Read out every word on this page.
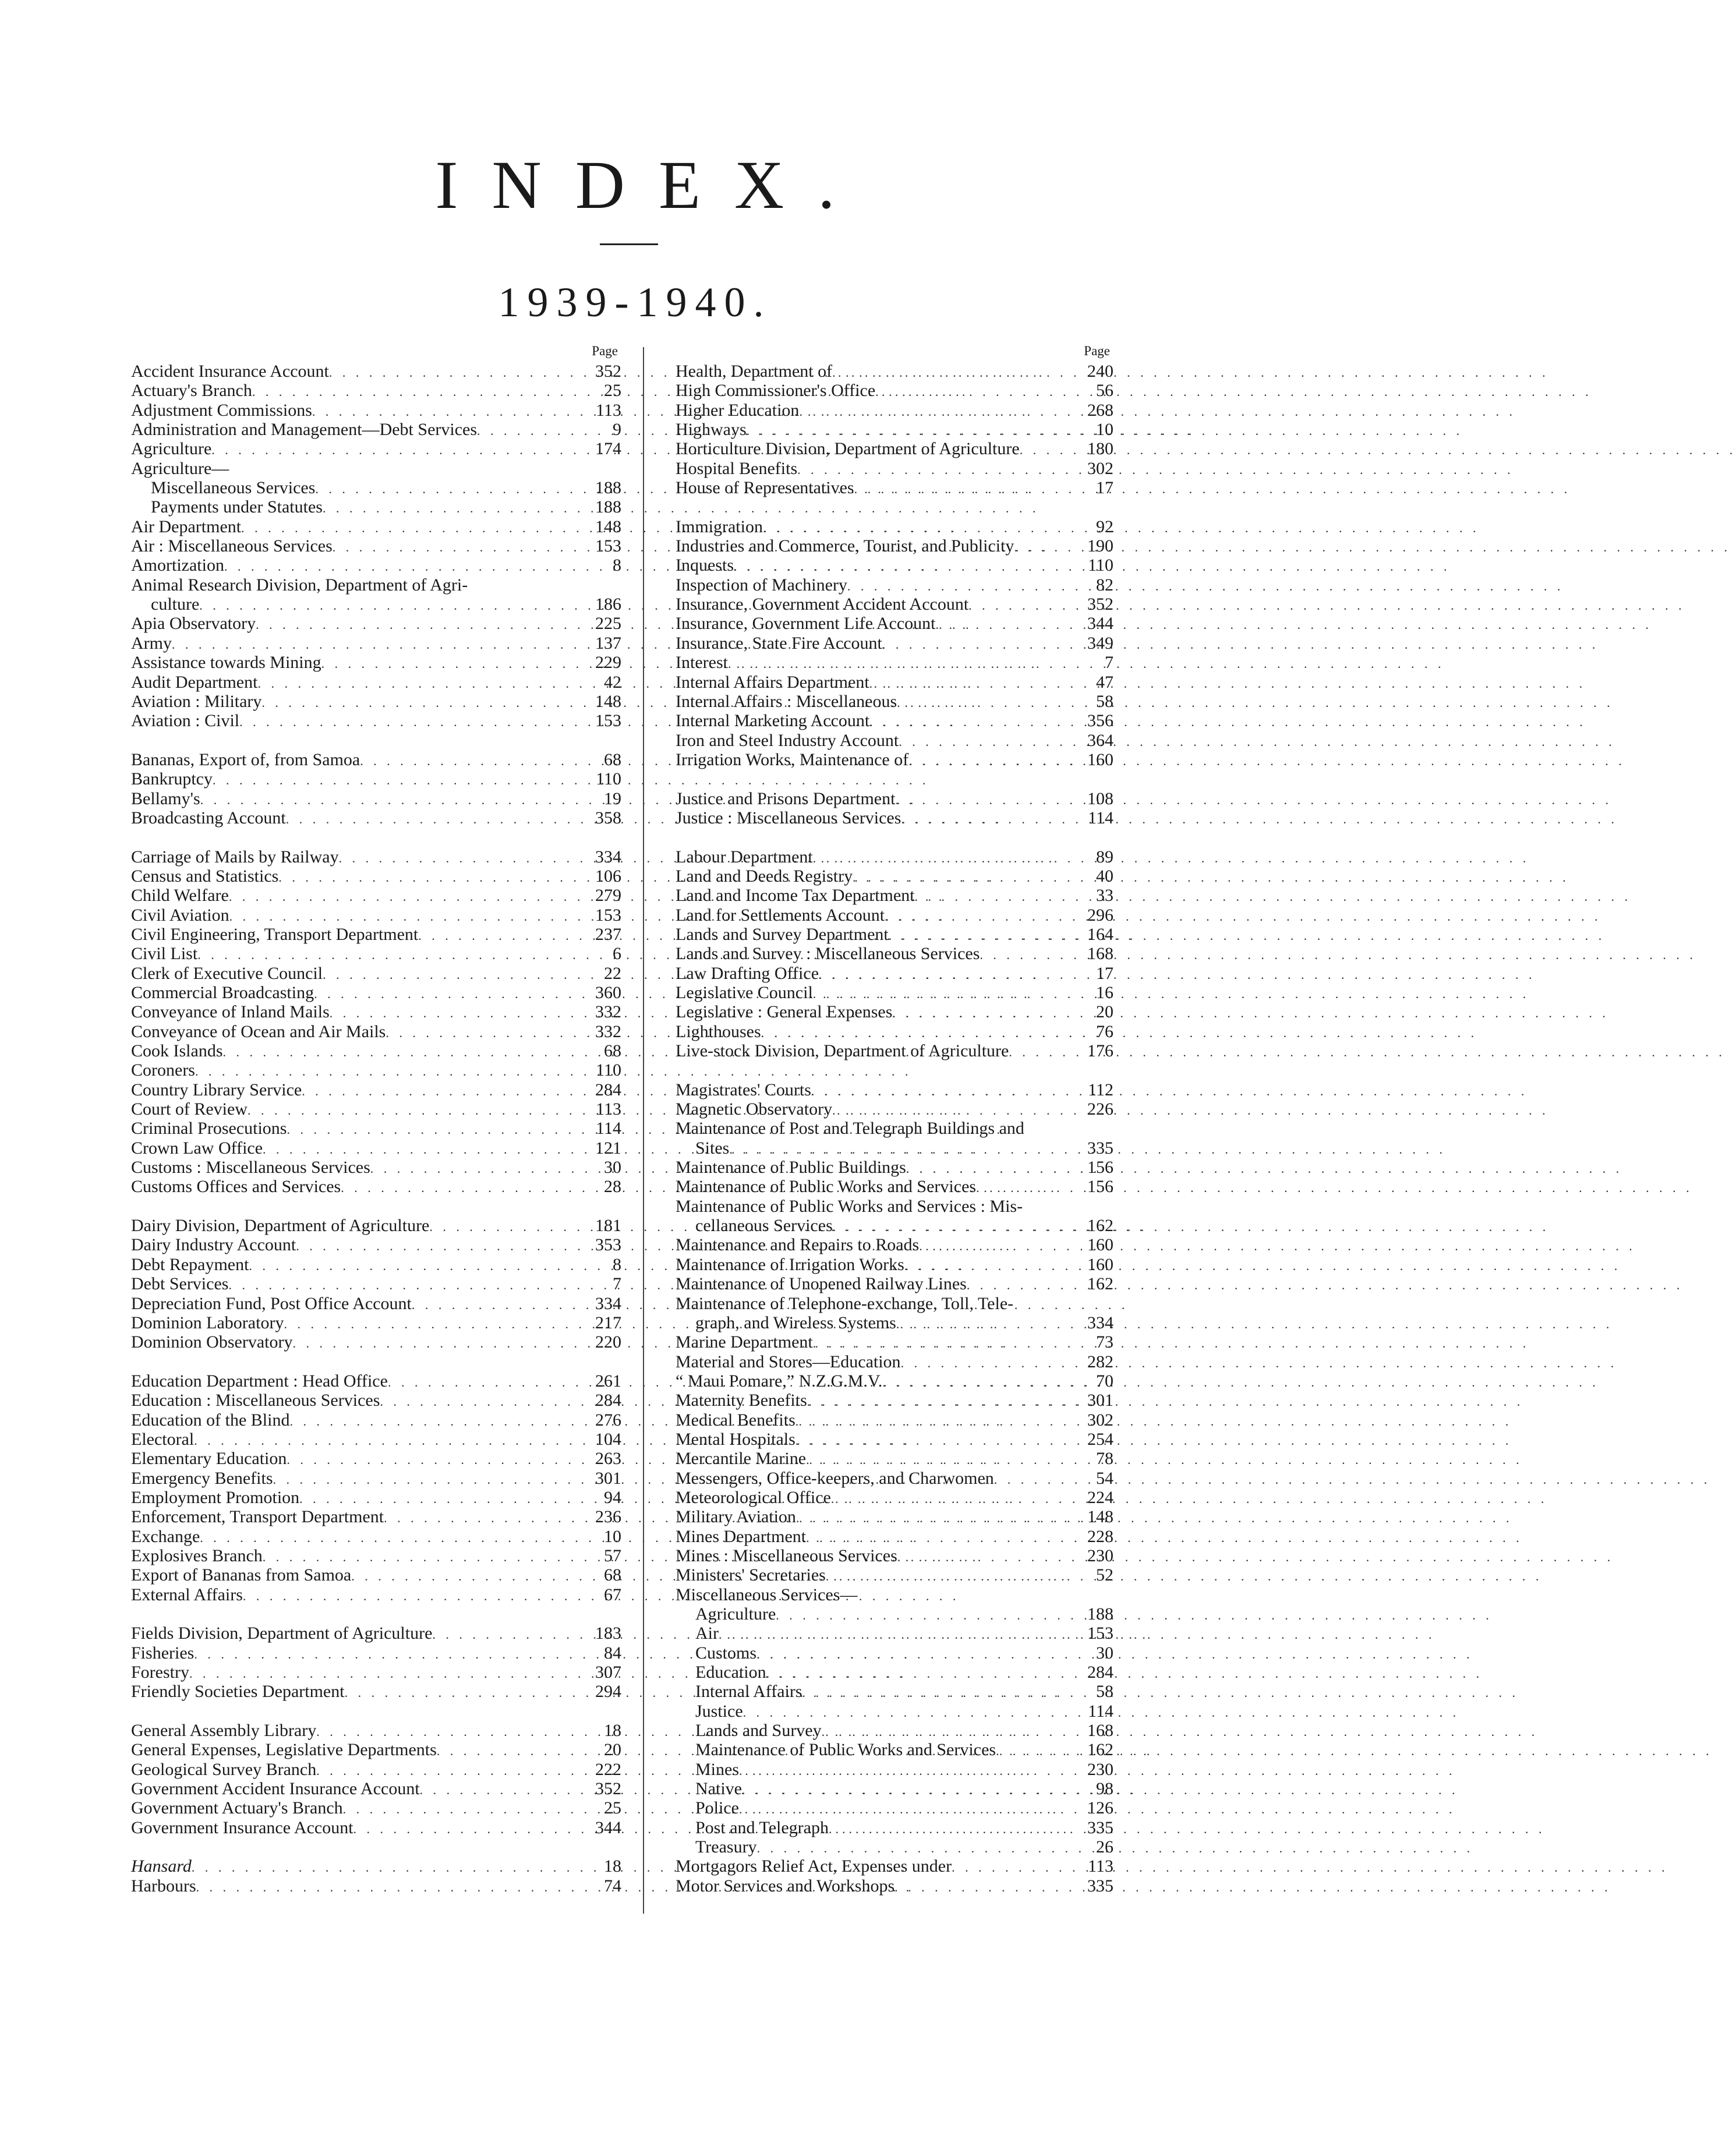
INDEX.
1939-1940.
Page
Accident Insurance Account . . .	352
Actuary's Branch . . .	25
Adjustment Commissions . . .	113
Administration and Management—Debt Services . . .	9
Agriculture . . .	174
Agriculture—
Miscellaneous Services . . .	188
Payments under Statutes . . .	188
Air Department . . .	148
Air : Miscellaneous Services . . .	153
Amortization . . .	8
Animal Research Division, Department of Agri-
culture . . .	186
Apia Observatory . . .	225
Army . . .	137
Assistance towards Mining . . .	229
Audit Department . . .	42
Aviation : Military . . .	148
Aviation : Civil . . .	153
Bananas, Export of, from Samoa . . .	68
Bankruptcy . . .	110
Bellamy's . . .	19
Broadcasting Account . . .	358
Carriage of Mails by Railway . . .	334
Census and Statistics . . .	106
Child Welfare . . .	279
Civil Aviation . . .	153
Civil Engineering, Transport Department . . .	237
Civil List . . .	6
Clerk of Executive Council . . .	22
Commercial Broadcasting . . .	360
Conveyance of Inland Mails . . .	332
Conveyance of Ocean and Air Mails . . .	332
Cook Islands . . .	68
Coroners . . .	110
Country Library Service . . .	284
Court of Review . . .	113
Criminal Prosecutions . . .	114
Crown Law Office . . .	121
Customs : Miscellaneous Services . . .	30
Customs Offices and Services . . .	28
Dairy Division, Department of Agriculture . . .	181
Dairy Industry Account . . .	353
Debt Repayment . . .	8
Debt Services . . .	7
Depreciation Fund, Post Office Account . . .	334
Dominion Laboratory . . .	217
Dominion Observatory . . .	220
Education Department : Head Office . . .	261
Education : Miscellaneous Services . . .	284
Education of the Blind . . .	276
Electoral . . .	104
Elementary Education . . .	263
Emergency Benefits . . .	301
Employment Promotion . . .	94
Enforcement, Transport Department . . .	236
Exchange . . .	10
Explosives Branch . . .	57
Export of Bananas from Samoa . . .	68
External Affairs . . .	67
Fields Division, Department of Agriculture . . .	183
Fisheries . . .	84
Forestry . . .	307
Friendly Societies Department . . .	294
General Assembly Library . . .	18
General Expenses, Legislative Departments . . .	20
Geological Survey Branch . . .	222
Government Accident Insurance Account . . .	352
Government Actuary's Branch . . .	25
Government Insurance Account . . .	344
Hansard . . .	18
Harbours . . .	74
Page
Health, Department of . . .	240
High Commissioner's Office . . .	56
Higher Education . . .	268
Highways . . .	10
Horticulture Division, Department of Agriculture . . .	180
Hospital Benefits . . .	302
House of Representatives . . .	17
Immigration . . .	92
Industries and Commerce, Tourist, and Publicity . . .	190
Inquests . . .	110
Inspection of Machinery . . .	82
Insurance, Government Accident Account . . .	352
Insurance, Government Life Account . . .	344
Insurance, State Fire Account . . .	349
Interest . . .	7
Internal Affairs Department . . .	47
Internal Affairs : Miscellaneous . . .	58
Internal Marketing Account . . .	356
Iron and Steel Industry Account . . .	364
Irrigation Works, Maintenance of . . .	160
Justice and Prisons Department . . .	108
Justice : Miscellaneous Services . . .	114
Labour Department . . .	89
Land and Deeds Registry . . .	40
Land and Income Tax Department . . .	33
Land for Settlements Account . . .	296
Lands and Survey Department . . .	164
Lands and Survey : Miscellaneous Services . . .	168
Law Drafting Office . . .	17
Legislative Council . . .	16
Legislative : General Expenses . . .	20
Lighthouses . . .	76
Live-stock Division, Department of Agriculture . . .	176
Magistrates' Courts . . .	112
Magnetic Observatory . . .	226
Maintenance of Post and Telegraph Buildings and
Sites . . .	335
Maintenance of Public Buildings . . .	156
Maintenance of Public Works and Services . . .	156
Maintenance of Public Works and Services : Mis-
cellaneous Services . . .	162
Maintenance and Repairs to Roads . . .	160
Maintenance of Irrigation Works . . .	160
Maintenance of Unopened Railway Lines . . .	162
Maintenance of Telephone-exchange, Toll, Tele-
graph, and Wireless Systems . . .	334
Marine Department . . .	73
Material and Stores—Education . . .	282
“ Maui Pomare,” N.Z.G.M.V. . . .	70
Maternity Benefits . . .	301
Medical Benefits . . .	302
Mental Hospitals . . .	254
Mercantile Marine . . .	78
Messengers, Office-keepers, and Charwomen . . .	54
Meteorological Office . . .	224
Military Aviation . . .	148
Mines Department . . .	228
Mines : Miscellaneous Services . . .	230
Ministers' Secretaries . . .	52
Miscellaneous Services—
Agriculture . . .	188
Air . . .	153
Customs . . .	30
Education . . .	284
Internal Affairs . . .	58
Justice . . .	114
Lands and Survey . . .	168
Maintenance of Public Works and Services . . .	162
Mines . . .	230
Native . . .	98
Police . . .	126
Post and Telegraph . . .	335
Treasury . . .	26
Mortgagors Relief Act, Expenses under . . .	113
Motor Services and Workshops . . .	335
